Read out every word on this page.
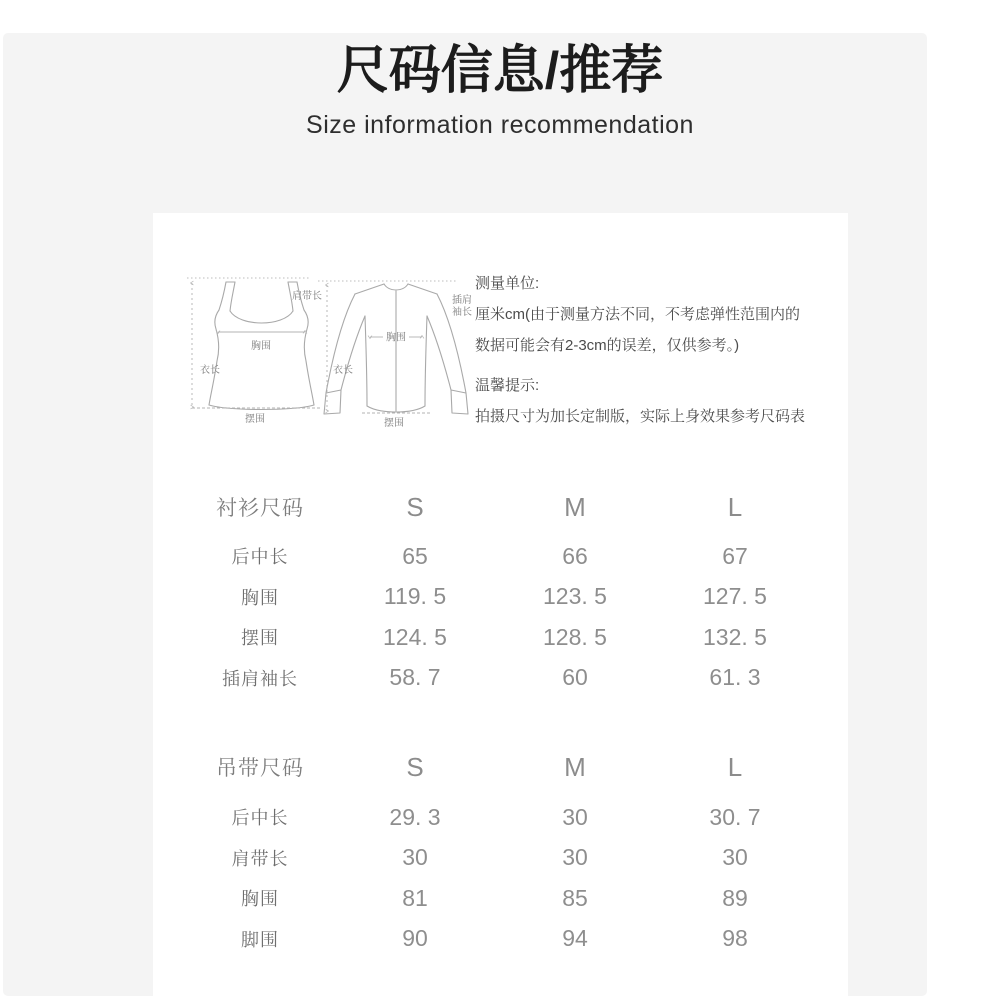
尺码信息/推荐
Size information recommendation
肩带长
胸围
衣长
摆围
插肩
袖长
胸围
衣长
摆围
测量单位:
厘米cm(由于测量方法不同，不考虑弹性范围内的
数据可能会有2-3cm的误差，仅供参考。)
温馨提示:
拍摄尺寸为加长定制版，实际上身效果参考尺码表
衬衫尺码	S	M	L
后中长	65	66	67
胸围	119. 5	123. 5	127. 5
摆围	124. 5	128. 5	132. 5
插肩袖长	58. 7	60	61. 3
吊带尺码	S	M	L
后中长	29. 3	30	30. 7
肩带长	30	30	30
胸围	81	85	89
脚围	90	94	98
